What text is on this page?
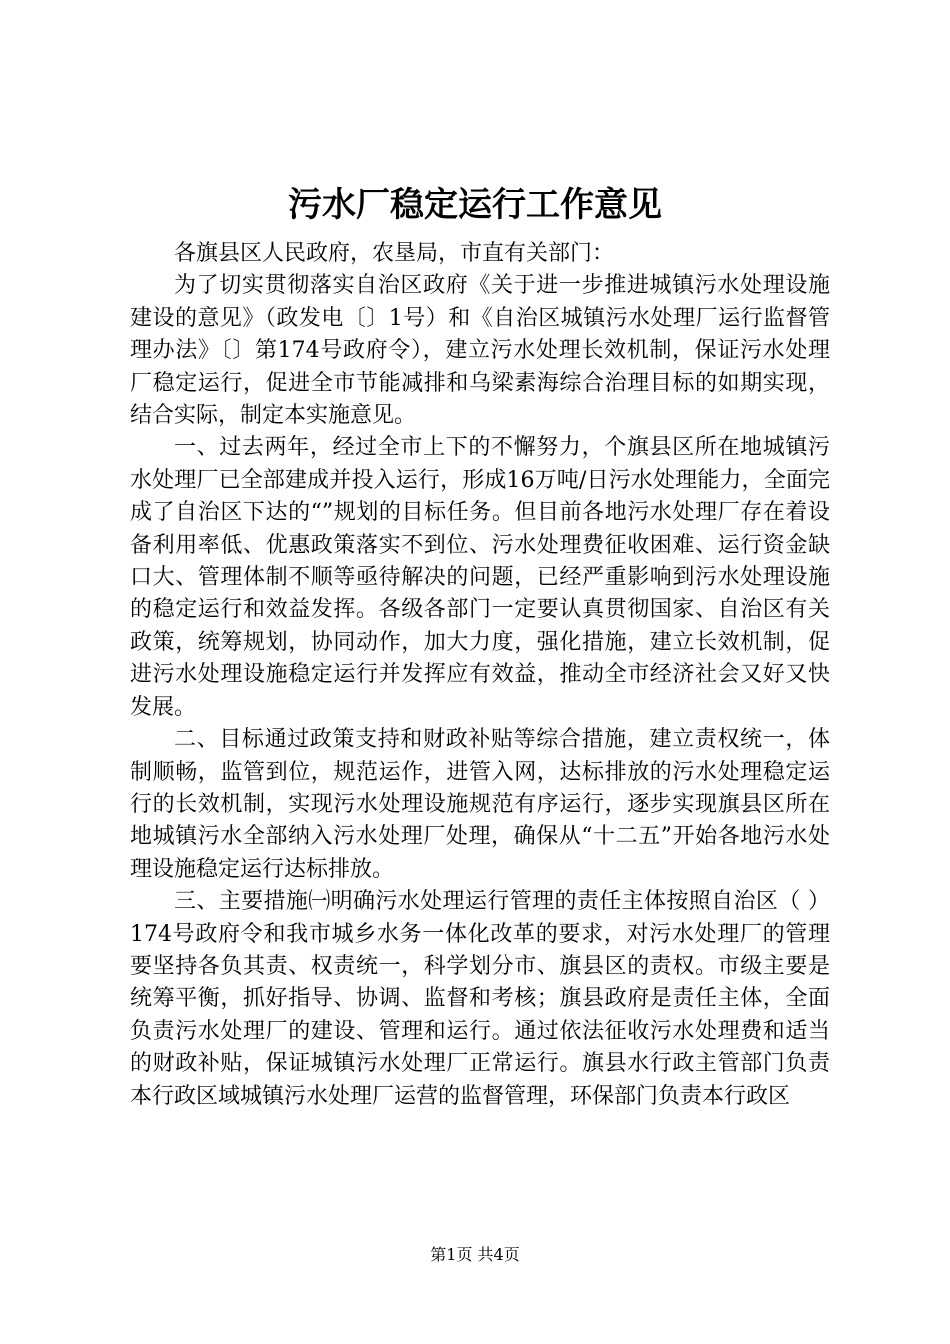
污水厂稳定运行工作意见

各旗县区人民政府，农垦局，市直有关部门：

为了切实贯彻落实自治区政府《关于进一步推进城镇污水处理设施建设的意见》（政发电〔〕1号）和《自治区城镇污水处理厂运行监督管理办法》〔〕第174号政府令），建立污水处理长效机制，保证污水处理厂稳定运行，促进全市节能减排和乌梁素海综合治理目标的如期实现，结合实际，制定本实施意见。

一、过去两年，经过全市上下的不懈努力，个旗县区所在地城镇污水处理厂已全部建成并投入运行，形成16万吨/日污水处理能力，全面完成了自治区下达的“”规划的目标任务。但目前各地污水处理厂存在着设备利用率低、优惠政策落实不到位、污水处理费征收困难、运行资金缺口大、管理体制不顺等亟待解决的问题，已经严重影响到污水处理设施的稳定运行和效益发挥。各级各部门一定要认真贯彻国家、自治区有关政策，统筹规划，协同动作，加大力度，强化措施，建立长效机制，促进污水处理设施稳定运行并发挥应有效益，推动全市经济社会又好又快发展。

二、目标通过政策支持和财政补贴等综合措施，建立责权统一，体制顺畅，监管到位，规范运作，进管入网，达标排放的污水处理稳定运行的长效机制，实现污水处理设施规范有序运行，逐步实现旗县区所在地城镇污水全部纳入污水处理厂处理，确保从“十二五”开始各地污水处理设施稳定运行达标排放。

三、主要措施㈠明确污水处理运行管理的责任主体按照自治区（ ）174号政府令和我市城乡水务一体化改革的要求，对污水处理厂的管理要坚持各负其责、权责统一，科学划分市、旗县区的责权。市级主要是统筹平衡，抓好指导、协调、监督和考核；旗县政府是责任主体，全面负责污水处理厂的建设、管理和运行。通过依法征收污水处理费和适当的财政补贴，保证城镇污水处理厂正常运行。旗县水行政主管部门负责本行政区域城镇污水处理厂运营的监督管理，环保部门负责本行政区

第1页 共4页
